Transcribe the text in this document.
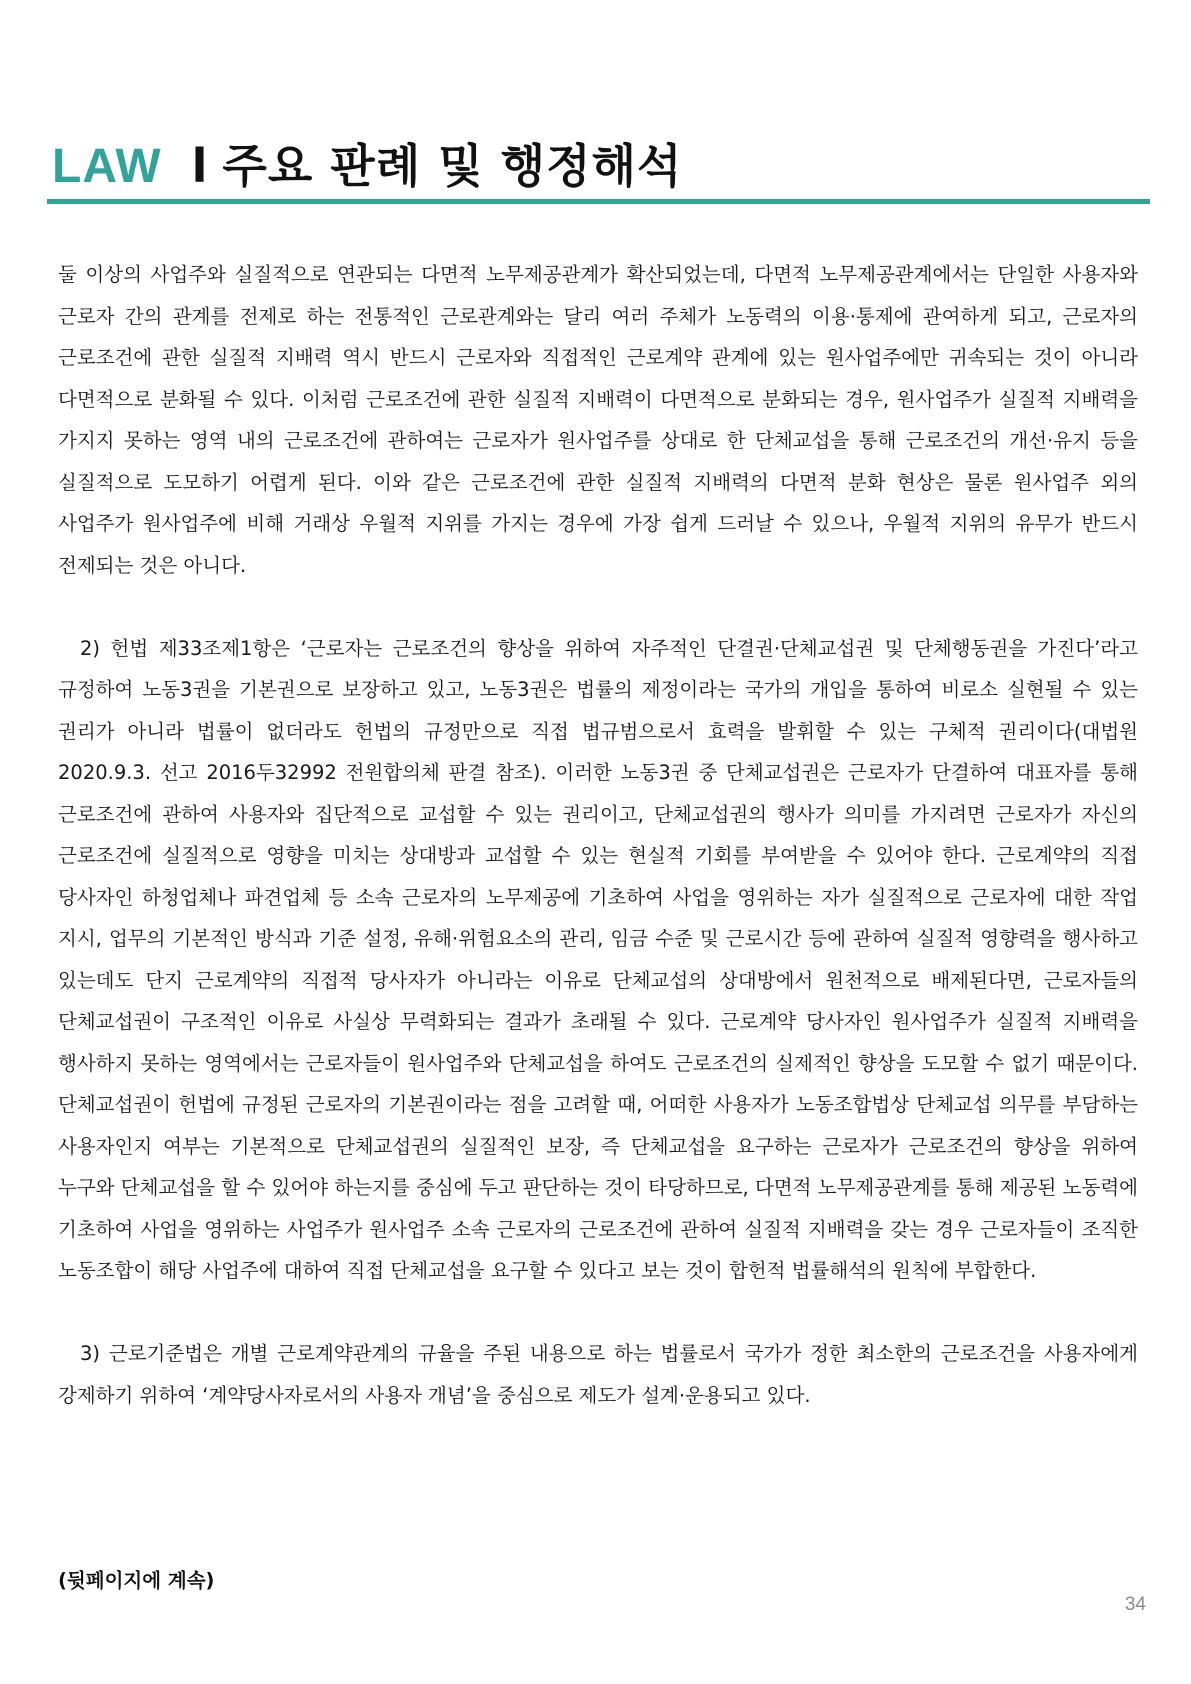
LAW l 주요 판례 및 행정해석

둘 이상의 사업주와 실질적으로 연관되는 다면적 노무제공관계가 확산되었는데, 다면적 노무제공관계에서는 단일한 사용자와 근로자 간의 관계를 전제로 하는 전통적인 근로관계와는 달리 여러 주체가 노동력의 이용·통제에 관여하게 되고, 근로자의 근로조건에 관한 실질적 지배력 역시 반드시 근로자와 직접적인 근로계약 관계에 있는 원사업주에만 귀속되는 것이 아니라 다면적으로 분화될 수 있다. 이처럼 근로조건에 관한 실질적 지배력이 다면적으로 분화되는 경우, 원사업주가 실질적 지배력을 가지지 못하는 영역 내의 근로조건에 관하여는 근로자가 원사업주를 상대로 한 단체교섭을 통해 근로조건의 개선·유지 등을 실질적으로 도모하기 어렵게 된다. 이와 같은 근로조건에 관한 실질적 지배력의 다면적 분화 현상은 물론 원사업주 외의 사업주가 원사업주에 비해 거래상 우월적 지위를 가지는 경우에 가장 쉽게 드러날 수 있으나, 우월적 지위의 유무가 반드시 전제되는 것은 아니다.

2) 헌법 제33조제1항은 ‘근로자는 근로조건의 향상을 위하여 자주적인 단결권·단체교섭권 및 단체행동권을 가진다’라고 규정하여 노동3권을 기본권으로 보장하고 있고, 노동3권은 법률의 제정이라는 국가의 개입을 통하여 비로소 실현될 수 있는 권리가 아니라 법률이 없더라도 헌법의 규정만으로 직접 법규범으로서 효력을 발휘할 수 있는 구체적 권리이다(대법원 2020.9.3. 선고 2016두32992 전원합의체 판결 참조). 이러한 노동3권 중 단체교섭권은 근로자가 단결하여 대표자를 통해 근로조건에 관하여 사용자와 집단적으로 교섭할 수 있는 권리이고, 단체교섭권의 행사가 의미를 가지려면 근로자가 자신의 근로조건에 실질적으로 영향을 미치는 상대방과 교섭할 수 있는 현실적 기회를 부여받을 수 있어야 한다. 근로계약의 직접 당사자인 하청업체나 파견업체 등 소속 근로자의 노무제공에 기초하여 사업을 영위하는 자가 실질적으로 근로자에 대한 작업 지시, 업무의 기본적인 방식과 기준 설정, 유해·위험요소의 관리, 임금 수준 및 근로시간 등에 관하여 실질적 영향력을 행사하고 있는데도 단지 근로계약의 직접적 당사자가 아니라는 이유로 단체교섭의 상대방에서 원천적으로 배제된다면, 근로자들의 단체교섭권이 구조적인 이유로 사실상 무력화되는 결과가 초래될 수 있다. 근로계약 당사자인 원사업주가 실질적 지배력을 행사하지 못하는 영역에서는 근로자들이 원사업주와 단체교섭을 하여도 근로조건의 실제적인 향상을 도모할 수 없기 때문이다. 단체교섭권이 헌법에 규정된 근로자의 기본권이라는 점을 고려할 때, 어떠한 사용자가 노동조합법상 단체교섭 의무를 부담하는 사용자인지 여부는 기본적으로 단체교섭권의 실질적인 보장, 즉 단체교섭을 요구하는 근로자가 근로조건의 향상을 위하여 누구와 단체교섭을 할 수 있어야 하는지를 중심에 두고 판단하는 것이 타당하므로, 다면적 노무제공관계를 통해 제공된 노동력에 기초하여 사업을 영위하는 사업주가 원사업주 소속 근로자의 근로조건에 관하여 실질적 지배력을 갖는 경우 근로자들이 조직한 노동조합이 해당 사업주에 대하여 직접 단체교섭을 요구할 수 있다고 보는 것이 합헌적 법률해석의 원칙에 부합한다.

3) 근로기준법은 개별 근로계약관계의 규율을 주된 내용으로 하는 법률로서 국가가 정한 최소한의 근로조건을 사용자에게 강제하기 위하여 ‘계약당사자로서의 사용자 개념’을 중심으로 제도가 설계·운용되고 있다.

(뒷페이지에 계속)
34
